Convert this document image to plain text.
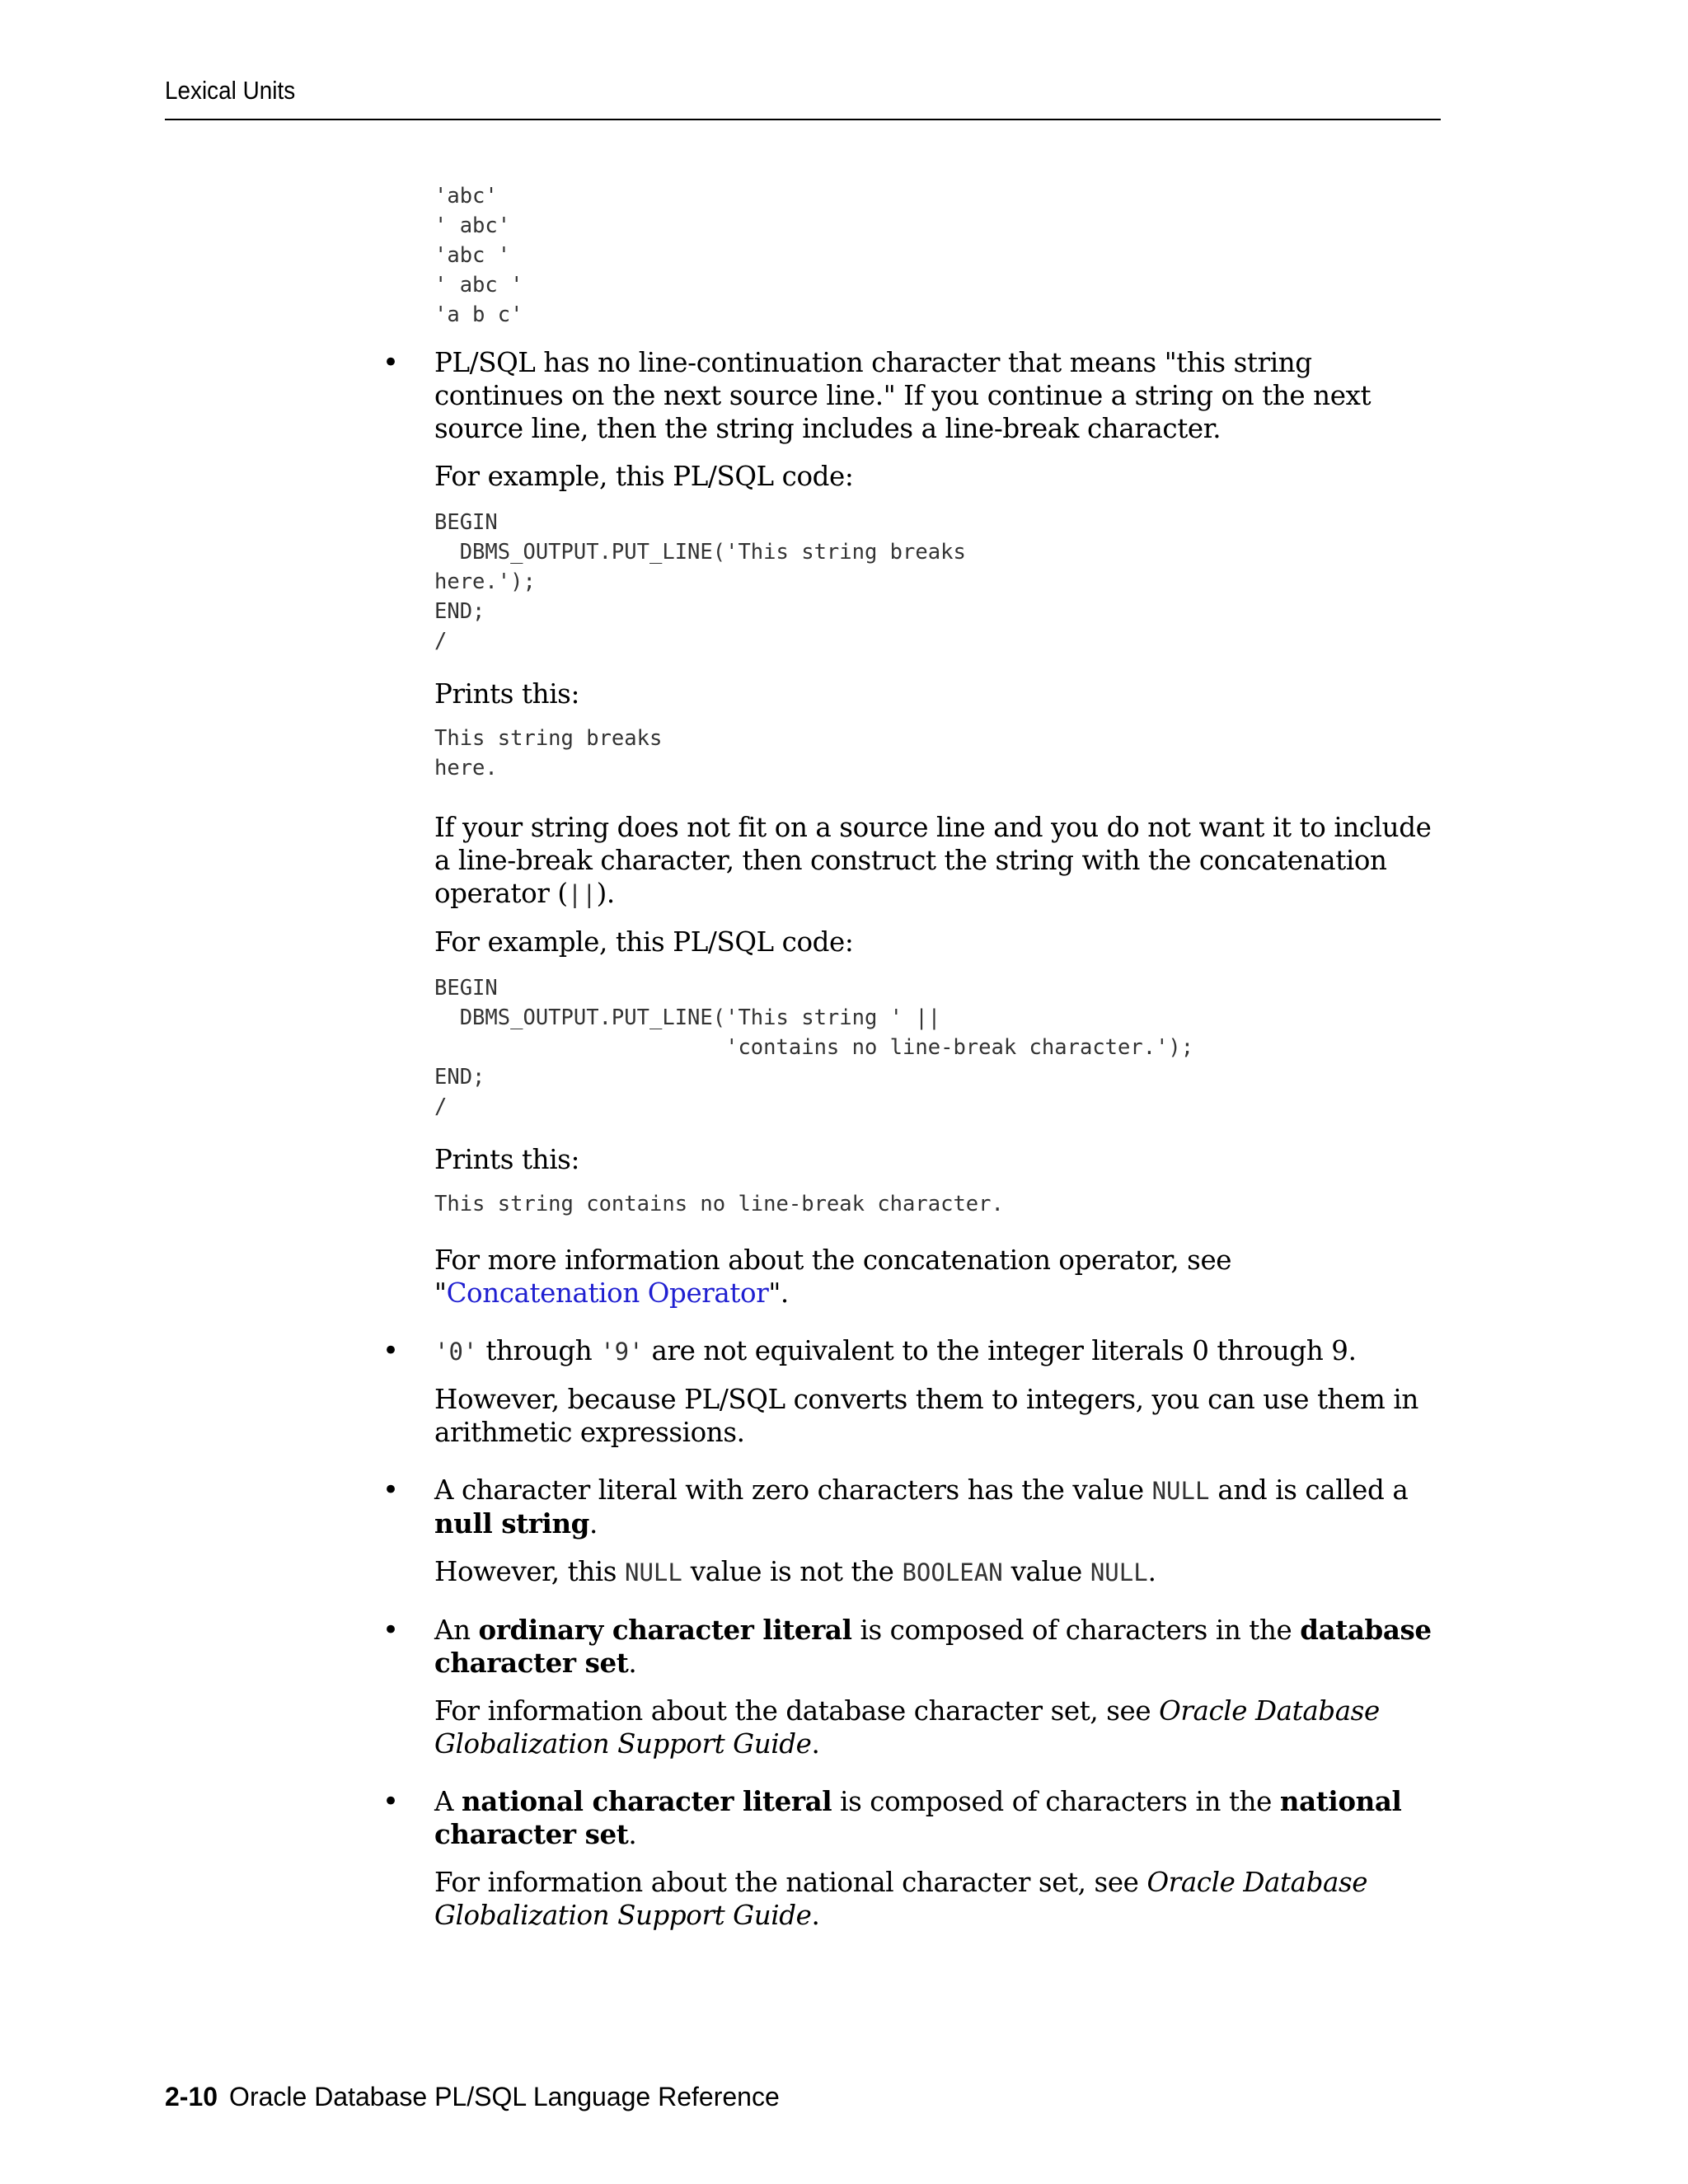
Lexical Units
'abc'
' abc'
'abc '
' abc '
'a b c'
• PL/SQL has no line-continuation character that means "this string continues on the next source line." If you continue a string on the next source line, then the string includes a line-break character.

For example, this PL/SQL code:

BEGIN
DBMS_OUTPUT.PUT_LINE('This string breaks
here.');
END;
/

Prints this:

This string breaks
here.

If your string does not fit on a source line and you do not want it to include a line-break character, then construct the string with the concatenation operator (||).

For example, this PL/SQL code:

BEGIN
DBMS_OUTPUT.PUT_LINE('This string ' ||
'contains no line-break character.');
END;
/

Prints this:

This string contains no line-break character.

For more information about the concatenation operator, see "Concatenation Operator".

• '0' through '9' are not equivalent to the integer literals 0 through 9.

However, because PL/SQL converts them to integers, you can use them in arithmetic expressions.

• A character literal with zero characters has the value NULL and is called a null string.

However, this NULL value is not the BOOLEAN value NULL.

• An ordinary character literal is composed of characters in the database character set.

For information about the database character set, see Oracle Database Globalization Support Guide.

• A national character literal is composed of characters in the national character set.

For information about the national character set, see Oracle Database Globalization Support Guide.

2-10 Oracle Database PL/SQL Language Reference
